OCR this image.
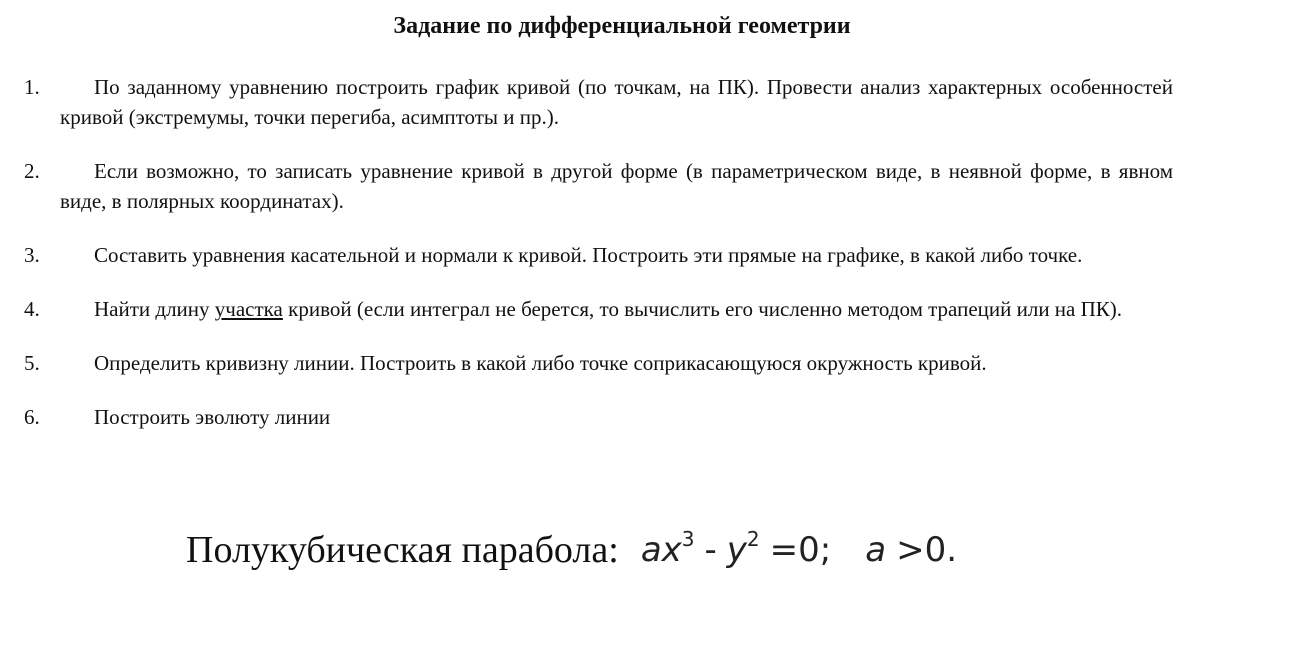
Задание по дифференциальной геометрии
1.	По заданному уравнению построить график кривой (по точкам, на ПК). Провести анализ характерных особенностей кривой (экстремумы, точки перегиба, асимптоты и пр.).
2.	Если возможно, то записать уравнение кривой в другой форме (в параметрическом виде, в неявной форме, в явном виде, в полярных координатах).
3.	Составить уравнения касательной и нормали к кривой. Построить эти прямые на графике, в какой либо точке.
4.	Найти длину участка кривой (если интеграл не берется, то вычислить его численно методом трапеций или на ПК).
5.	Определить кривизну линии. Построить в какой либо точке соприкасающуюся окружность кривой.
6.	Построить эволюту линии
Полукубическая парабола: $ax^3 - y^2 =0$; a >0.
